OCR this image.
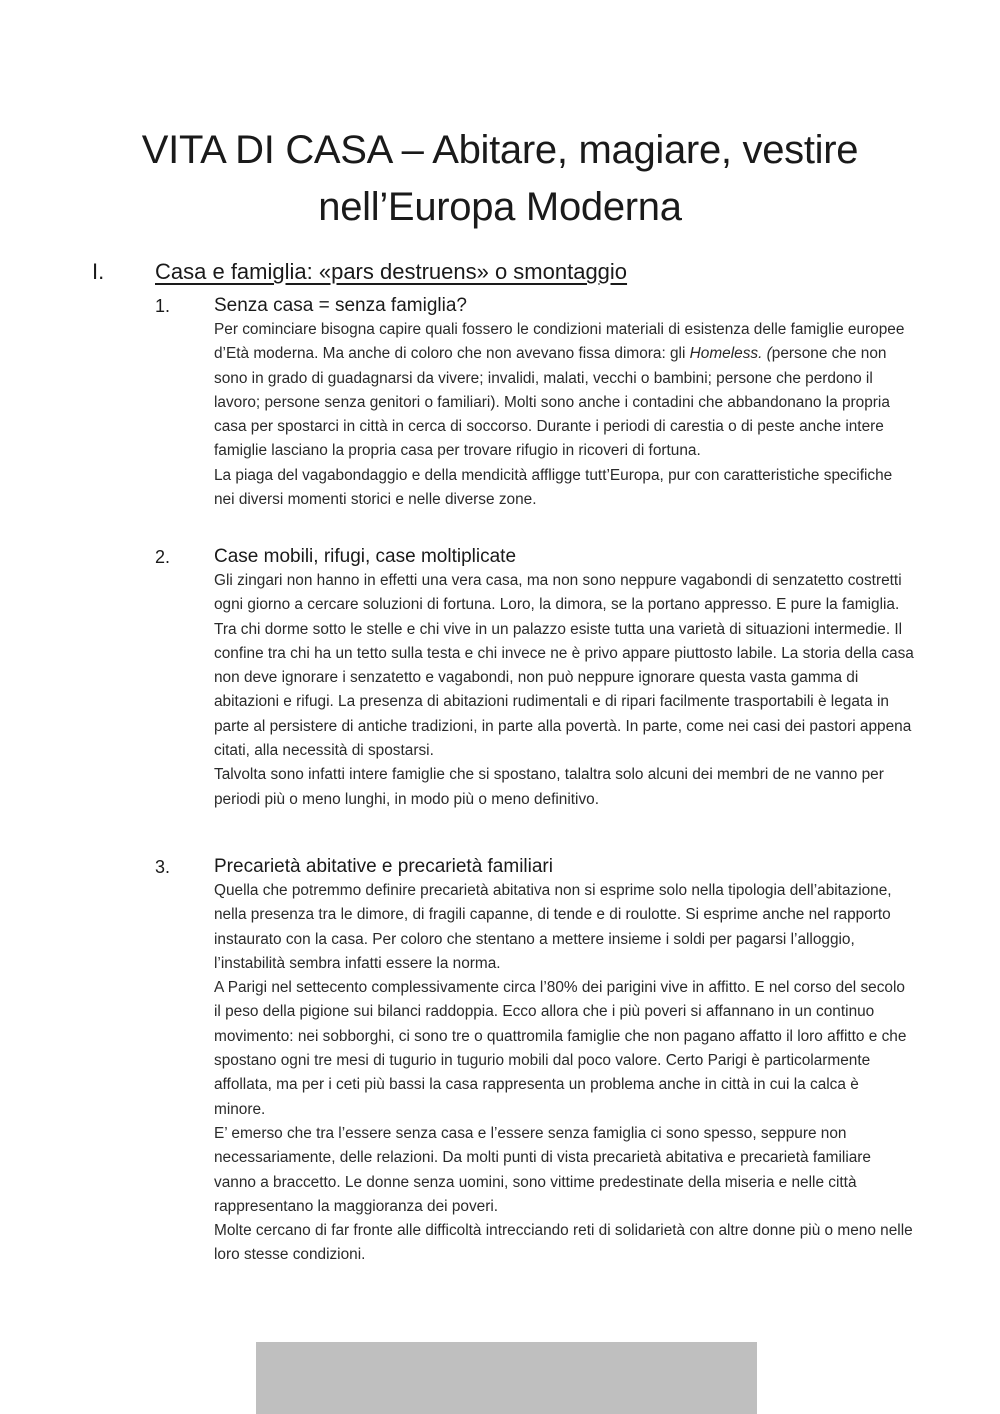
VITA DI CASA – Abitare, magiare, vestire
nell’Europa Moderna
I. Casa e famiglia: «pars destruens» o smontaggio
1. Senza casa = senza famiglia?

Per cominciare bisogna capire quali fossero le condizioni materiali di esistenza delle famiglie europee d’Età moderna. Ma anche di coloro che non avevano fissa dimora: gli Homeless. (persone che non sono in grado di guadagnarsi da vivere; invalidi, malati, vecchi o bambini; persone che perdono il lavoro; persone senza genitori o familiari). Molti sono anche i contadini che abbandonano la propria casa per spostarci in città in cerca di soccorso. Durante i periodi di carestia o di peste anche intere famiglie lasciano la propria casa per trovare rifugio in ricoveri di fortuna.

La piaga del vagabondaggio e della mendicità affligge tutt’Europa, pur con caratteristiche specifiche nei diversi momenti storici e nelle diverse zone.

2. Case mobili, rifugi, case moltiplicate

Gli zingari non hanno in effetti una vera casa, ma non sono neppure vagabondi di senzatetto costretti ogni giorno a cercare soluzioni di fortuna. Loro, la dimora, se la portano appresso. E pure la famiglia.

Tra chi dorme sotto le stelle e chi vive in un palazzo esiste tutta una varietà di situazioni intermedie. Il confine tra chi ha un tetto sulla testa e chi invece ne è privo appare piuttosto labile. La storia della casa non deve ignorare i senzatetto e vagabondi, non può neppure ignorare questa vasta gamma di abitazioni e rifugi. La presenza di abitazioni rudimentali e di ripari facilmente trasportabili è legata in parte al persistere di antiche tradizioni, in parte alla povertà. In parte, come nei casi dei pastori appena citati, alla necessità di spostarsi.

Talvolta sono infatti intere famiglie che si spostano, talaltra solo alcuni dei membri de ne vanno per periodi più o meno lunghi, in modo più o meno definitivo.

3. Precarietà abitative e precarietà familiari

Quella che potremmo definire precarietà abitativa non si esprime solo nella tipologia dell’abitazione, nella presenza tra le dimore, di fragili capanne, di tende e di roulotte. Si esprime anche nel rapporto instaurato con la casa. Per coloro che stentano a mettere insieme i soldi per pagarsi l’alloggio, l’instabilità sembra infatti essere la norma.

A Parigi nel settecento complessivamente circa l’80% dei parigini vive in affitto. E nel corso del secolo il peso della pigione sui bilanci raddoppia. Ecco allora che i più poveri si affannano in un continuo movimento: nei sobborghi, ci sono tre o quattromila famiglie che non pagano affatto il loro affitto e che spostano ogni tre mesi di tugurio in tugurio mobili dal poco valore. Certo Parigi è particolarmente affollata, ma per i ceti più bassi la casa rappresenta un problema anche in città in cui la calca è minore.

E’ emerso che tra l’essere senza casa e l’essere senza famiglia ci sono spesso, seppure non necessariamente, delle relazioni. Da molti punti di vista precarietà abitativa e precarietà familiare vanno a braccetto. Le donne senza uomini, sono vittime predestinate della miseria e nelle città rappresentano la maggioranza dei poveri.

Molte cercano di far fronte alle difficoltà intrecciando reti di solidarietà con altre donne più o meno nelle loro stesse condizioni.
